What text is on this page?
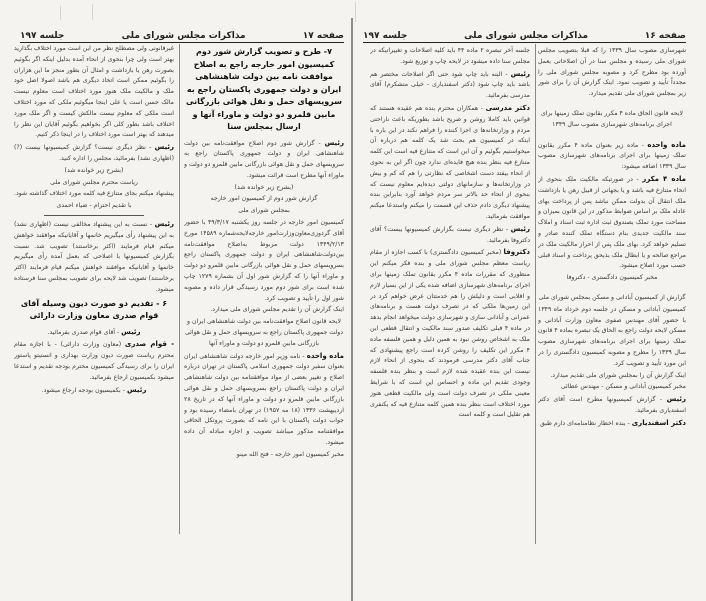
صفحه ۱۷
مذاکرات مجلس شورای ملی
جلسه ۱۹۷
۷- طرح و تصویب گزارش شور دوم کمیسیون امور خارجه راجع به اصلاح موافقت نامه بین دولت شاهنشاهی ایران و دولت جمهوری پاکستان راجع به سرویسهای حمل و نقل هوائی بازرگانی مابین قلمرو دو دولت و ماوراء آنها و ارسال بمجلس سنا

رئیس - گزارش شور دوم اصلاح موافقت‌نامه بین دولت شاهنشاهی ایران و دولت جمهوری پاکستان راجع به سرویسهای حمل و نقل هوائی بازرگانی مابین قلمرو دو دولت و ماوراء آنها مطرح است قرائت میشود.

(بشرح زیر خوانده شد)

گزارش شور دوم از کمیسیون امور خارجه

بمجلس شورای ملی

کمیسیون امور خارجه در جلسه روز یکشنبه ۴۹/۳/۱۷ با حضور آقای گردوزی‌معاون‌وزارت‌امور خارجه‌لایحه‌شماره ۱۴۵۸۹ مورخ ۱۳۴۹/۲/۱۳ دولت مربوط به‌اصلاح موافقت‌نامه بین‌دولت‌شاهنشاهی ایران و دولت جمهوری پاکستان راجع بسرویسهای حمل و نقل هوائی بازرگانی مابین قلمرو دو دولت و ماوراء آنها را که گزارش شور اول آن بشماره ۱۲۷۹ چاپ شده است برای شور دوم مورد رسیدگی قرار داده و مصوبه شور اول را تأیید و تصویب کرد.

اینک گزارش آن را تقدیم مجلس شورای ملی میدارد.

لایحه قانون اصلاح موافقت‌نامه بین دولت شاهنشاهی ایران و دولت جمهوری پاکستان راجع به سرویسهای حمل و نقل هوائی بازرگانی مابین قلمرو دو دولت و ماوراء آنها

ماده واحده - نامه وزیر امور خارجه دولت شاهنشاهی ایران بعنوان سفیر دولت جمهوری اسلامی پاکستان در تهران درباره اصلاح و تغییر بعضی از مواد موافقتنامه بین دولت شاهنشاهی ایران و دولت پاکستان راجع بسرویسهای حمل و نقل هوائی بازرگانی مابین قلمرو دو دولت و ماوراء آنها که در تاریخ ۲۸ اردیبهشت ۱۳۳۶ (۱۸ مه ۱۹۵۷) در تهران بامضاء رسیده بود و جواب دولت پاکستان با این نامه که بصورت پروتکل الحاقی موافقتنامه مذکور میباشد تصویب و اجازه مبادله آن داده میشود.

مخبر کمیسیون امور خارجه - فتح الله مینو

غیرقانونی ولی مصطلح نظر من این است مورد اختلاف بگذارید بهتر است ولی چرا بنحوی از انحاء آمده بدلیل اینکه اگر بگوئیم بصورت رهن یا بازداشت و امثال آن بطور منجز ما این هزاران را بگوئیم ممکن است اتخاذ دیگری هم باشد اصولا اصل خود ملک و مالکیت ملک هنوز مورد اختلاف است معلوم نیست مالک حسن است یا علی اینجا میگوئیم ملکی که مورد اختلاف است ملکی که معلوم نیست مالکش کیست و اگر ملک مورد اختلاف باشد بطور کلی اگر بخواهیم بگوئیم آقایان این نظر را میدهند که بهتر است مورد اختلاف را در اینجا ذکر کنیم.

رئیس - نظر دیگری نیست؟ گزارش کمیسیونها بیست (?) (اظهاری نشد) بفرمائید، مجلس را اداره کنید.

(بشرح زیر خوانده شد)

ریاست محترم مجلس شورای ملی

پیشنهاد میکنم بجای متنازع فیه کلمه مورد اختلاف گذاشته شود.

با تقدیم احترام - ضیاء احمدی

رئیس - نسبت به این پیشنهاد مخالفی نیست (اظهاری نشد) به این پیشنهاد رأی میگیریم خانمها و آقایانیکه موافقند خواهش میکنم قیام فرمایند (اکثر برخاستند) تصویب شد. نسبت بگزارش کمیسیونها با اصلاحی که بعمل آمده رأی میگیریم خانمها و آقایانیکه موافقند خواهش میکنم قیام فرمایند (اکثر برخاستند) تصویب شد لایحه برای تصویب بمجلس سنا فرستاده میشود.

۶ - تقدیم دو صورت دیون وسیله آقای قوام صدری معاون وزارت دارائی

رئیس - آقای قوام صدری بفرمائید.

- قوام صدری (معاون وزارت دارائی) - با اجازه مقام محترم ریاست صورت دیون وزارت بهداری و انستیتو پاستور ایران را برای رسیدگی کمیسیون محترم بودجه تقدیم و استدعا میشود بکمیسیون ارجاع بفرمائید.

رئیس - بکمیسیون بودجه ارجاع میشود.

صفحه ۱۶
مذاکرات مجلس شورای ملی
جلسه ۱۹۷

شهرسازی مصوب سال ۱۳۳۹ را که قبلا بتصویب مجلس شورای ملی رسیده و مجلس سنا در آن اصلاحاتی بعمل آورده بود مطرح کرد و مصوبه مجلس شورای ملی را مجدداً تأیید و تصویب نمود. اینک گزارش آن را برای شور زیر بمجلس شورای ملی تقدیم میدارد.

لایحه قانون الحاق ماده ۴ مکرر بقانون تملک زمینها برای اجرای برنامه‌های شهرسازی مصوب سال ۱۳۴۹

ماده واحده - ماده زیر بعنوان ماده ۴ مکرر بقانون تملک زمینها برای اجرای برنامه‌های شهرسازی مصوب سال ۱۳۳۹ اضافه میشود:

ماده ۴ مکرر - در صورتیکه مالکیت ملک بنحوی از انحاء متنازع فیه باشد و یا بجهاتی از قبیل رهن یا بازداشت ملک انتقال آن بدولت ممکن نباشد پس از پرداخت بهای عادله ملک بر اساس ضوابط مذکور در این قانون بمیزان و مساحت مورد تملک بصندوق ثبت اداره ثبت اسناد و املاک سند مالکیت جدیدی بنام دستگاه تملک کننده صادر و تسلیم خواهد کرد. بهای ملک پس از احراز مالکیت ملک در مراجع صالحه و یا ابطال ملک بذیحق پرداخت و اسناد قبلی حسب مورد اصلاح میشود.

مخبر کمیسیون دادگستری - دکتروفا

گزارش از کمیسیون آبادانی و مسکن بمجلس شورای ملی

کمیسیون آبادانی و مسکن در جلسه دوم خرداد ماه ۱۳۴۹ با حضور آقای مهندس صفوی معاون وزارت آبادانی و مسکن لایحه دولت راجع به الحاق یک تبصره بماده ۴ قانون تملک زمینها برای اجرای برنامه‌های شهرسازی مصوب سال ۱۳۳۹ را مطرح و مصوبه کمیسیون دادگستری را در این مورد تأیید و تصویب کرد.

اینک گزارش آن را بمجلس شورای ملی تقدیم میدارد.

مخبر کمیسیون آبادانی و مسکن - مهندس عطائی

رئیس - گزارش کمیسیونها مطرح است آقای دکتر اسفندیاری بفرمائید.

دکتر اسفندیاری - بنده اخطار نظامنامه‌ای دارم طبق

جلسه آخر تبصره ۲ ماده ۴۴ باید کلیه اصلاحات و تغییراتیکه در مجلس سنا داده میشود در لایحه چاپ و توزیع شود.

رئیس - البته باید چاپ شود حتی اگر اصلاحات مختصر هم باشد باید چاپ شود (دکتر اسفندیاری - خیلی متشکرم) آقای مدرسی بفرمائید.

دکتر مدرسی - همکاران محترم بنده هم عقیده هستند که قوانین باید کاملا روشن و صریح باشد بطوریکه باعث ناراحتی مردم و وزارتخانه‌ها ی اجرا کننده را فراهم نکند در این باره با اینکه در کمیسیون هم بحث شد یک کلمه هم درباره آن میخواستیم بگوئیم و آن این است که متنازع فیه است این کلمه متنازع فیه بنظر بنده هیچ فایده‌ای ندارد چون اگر این به نحوی از انحاء بیفتد دست اشخاصی که نظارتی را هم که کم و بیش در وزارتخانه‌ها و سازمانهای دولتی دیده‌ایم معلوم نیست که بنحوی از انحاء حد بالاتر سر مردم خواهد آورد بنابراین بنده پیشنهاد دیگری دادم حذف این قسمت را میکنم واستدعا میکنم موافقت بفرمائید.

رئیس - نظر دیگری نیست بگزارش کمیسیونها بیست؟ آقای دکتروفا بفرمائید.

دکتروفا (مخبر کمیسیون دادگستری) با کسب اجازه از مقام ریاست معظم مجلس شورای ملی و بنده فکر میکنم این منظوری که مقررات ماده ۴ مکرر بقانون تملک زمینها برای اجرای برنامه‌های شهرسازی اضافه شده یکی از این بسیار لازم و اقلابی است و دلیلش را هم خدمتتان عرض خواهم کرد در این زمین‌ها ملکی که در تصرف دولت هست و برنامه‌های عمرانی و آبادانی سازی و شهرسازی دولت میخواهد انجام بدهد در ماده ۴ قبلی تکلیف صدور سند مالکیت و انتقال قطعی این ملک به اشخاص روشن نبود به همین دلیل و همین فلسفه ماده ۴ مکرر این تکلیف را روشن کرده است راجع پیشنهادی که جناب آقای دکتر مدرسی فرمودند که بنحوی از انحاء لازم نیست این بنده عقیده شده لازم است و بنظر بنده فلسفه وجودی تقدیم این ماده و احساس این است که با شرایط معینی ملکی در تصرف دولت است ولی مالکیت قطعی هنوز مورد اختلاف است بنظر بنده همین کلمه متنازع فیه که یکنفری هم تقلیل است و کلمه است
